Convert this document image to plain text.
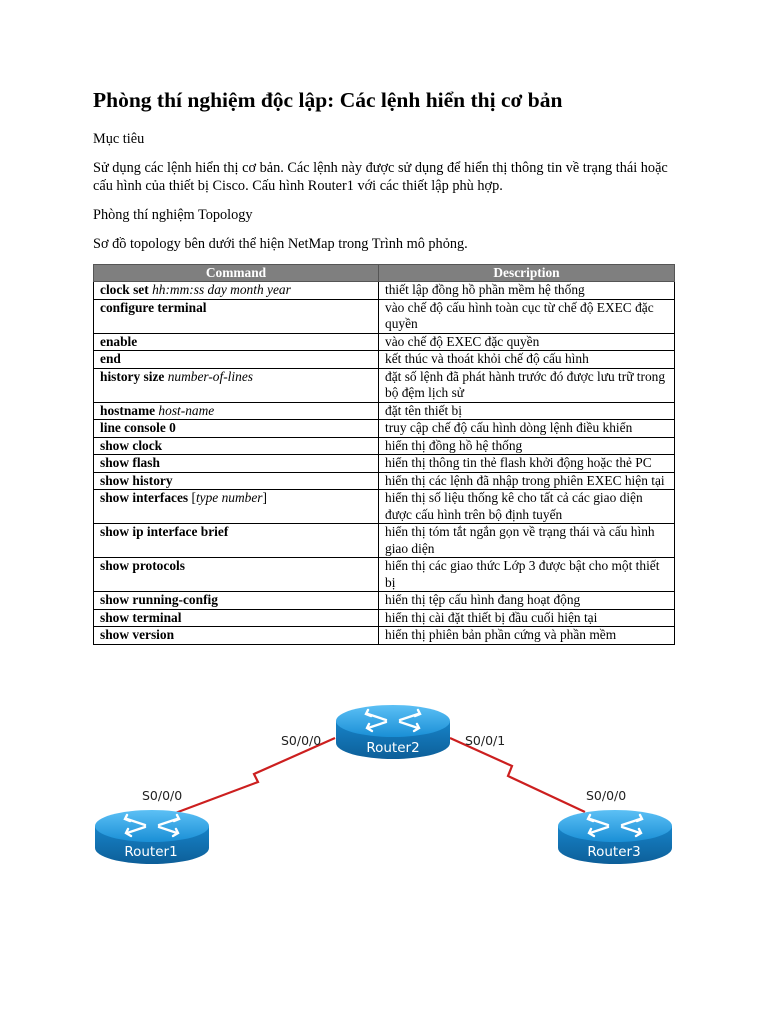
Phòng thí nghiệm độc lập: Các lệnh hiển thị cơ bản

Mục tiêu

Sử dụng các lệnh hiển thị cơ bản. Các lệnh này được sử dụng để hiển thị thông tin về trạng thái hoặc cấu hình của thiết bị Cisco. Cấu hình Router1 với các thiết lập phù hợp.

Phòng thí nghiệm Topology

Sơ đồ topology bên dưới thể hiện NetMap trong Trình mô phỏng.

Command	Description
clock set hh:mm:ss day month year	thiết lập đồng hồ phần mềm hệ thống
configure terminal	vào chế độ cấu hình toàn cục từ chế độ EXEC đặc quyền
enable	vào chế độ EXEC đặc quyền
end	kết thúc và thoát khỏi chế độ cấu hình
history size number-of-lines	đặt số lệnh đã phát hành trước đó được lưu trữ trong bộ đệm lịch sử
hostname host-name	đặt tên thiết bị
line console 0	truy cập chế độ cấu hình dòng lệnh điều khiển
show clock	hiển thị đồng hồ hệ thống
show flash	hiển thị thông tin thẻ flash khởi động hoặc thẻ PC
show history	hiển thị các lệnh đã nhập trong phiên EXEC hiện tại
show interfaces [type number]	hiển thị số liệu thống kê cho tất cả các giao diện được cấu hình trên bộ định tuyến
show ip interface brief	hiển thị tóm tắt ngắn gọn về trạng thái và cấu hình giao diện
show protocols	hiển thị các giao thức Lớp 3 được bật cho một thiết bị
show running-config	hiển thị tệp cấu hình đang hoạt động
show terminal	hiển thị cài đặt thiết bị đầu cuối hiện tại
show version	hiển thị phiên bản phần cứng và phần mềm
Router2
Router1	Router3
S0/0/0	S0/0/1
S0/0/0	S0/0/0
